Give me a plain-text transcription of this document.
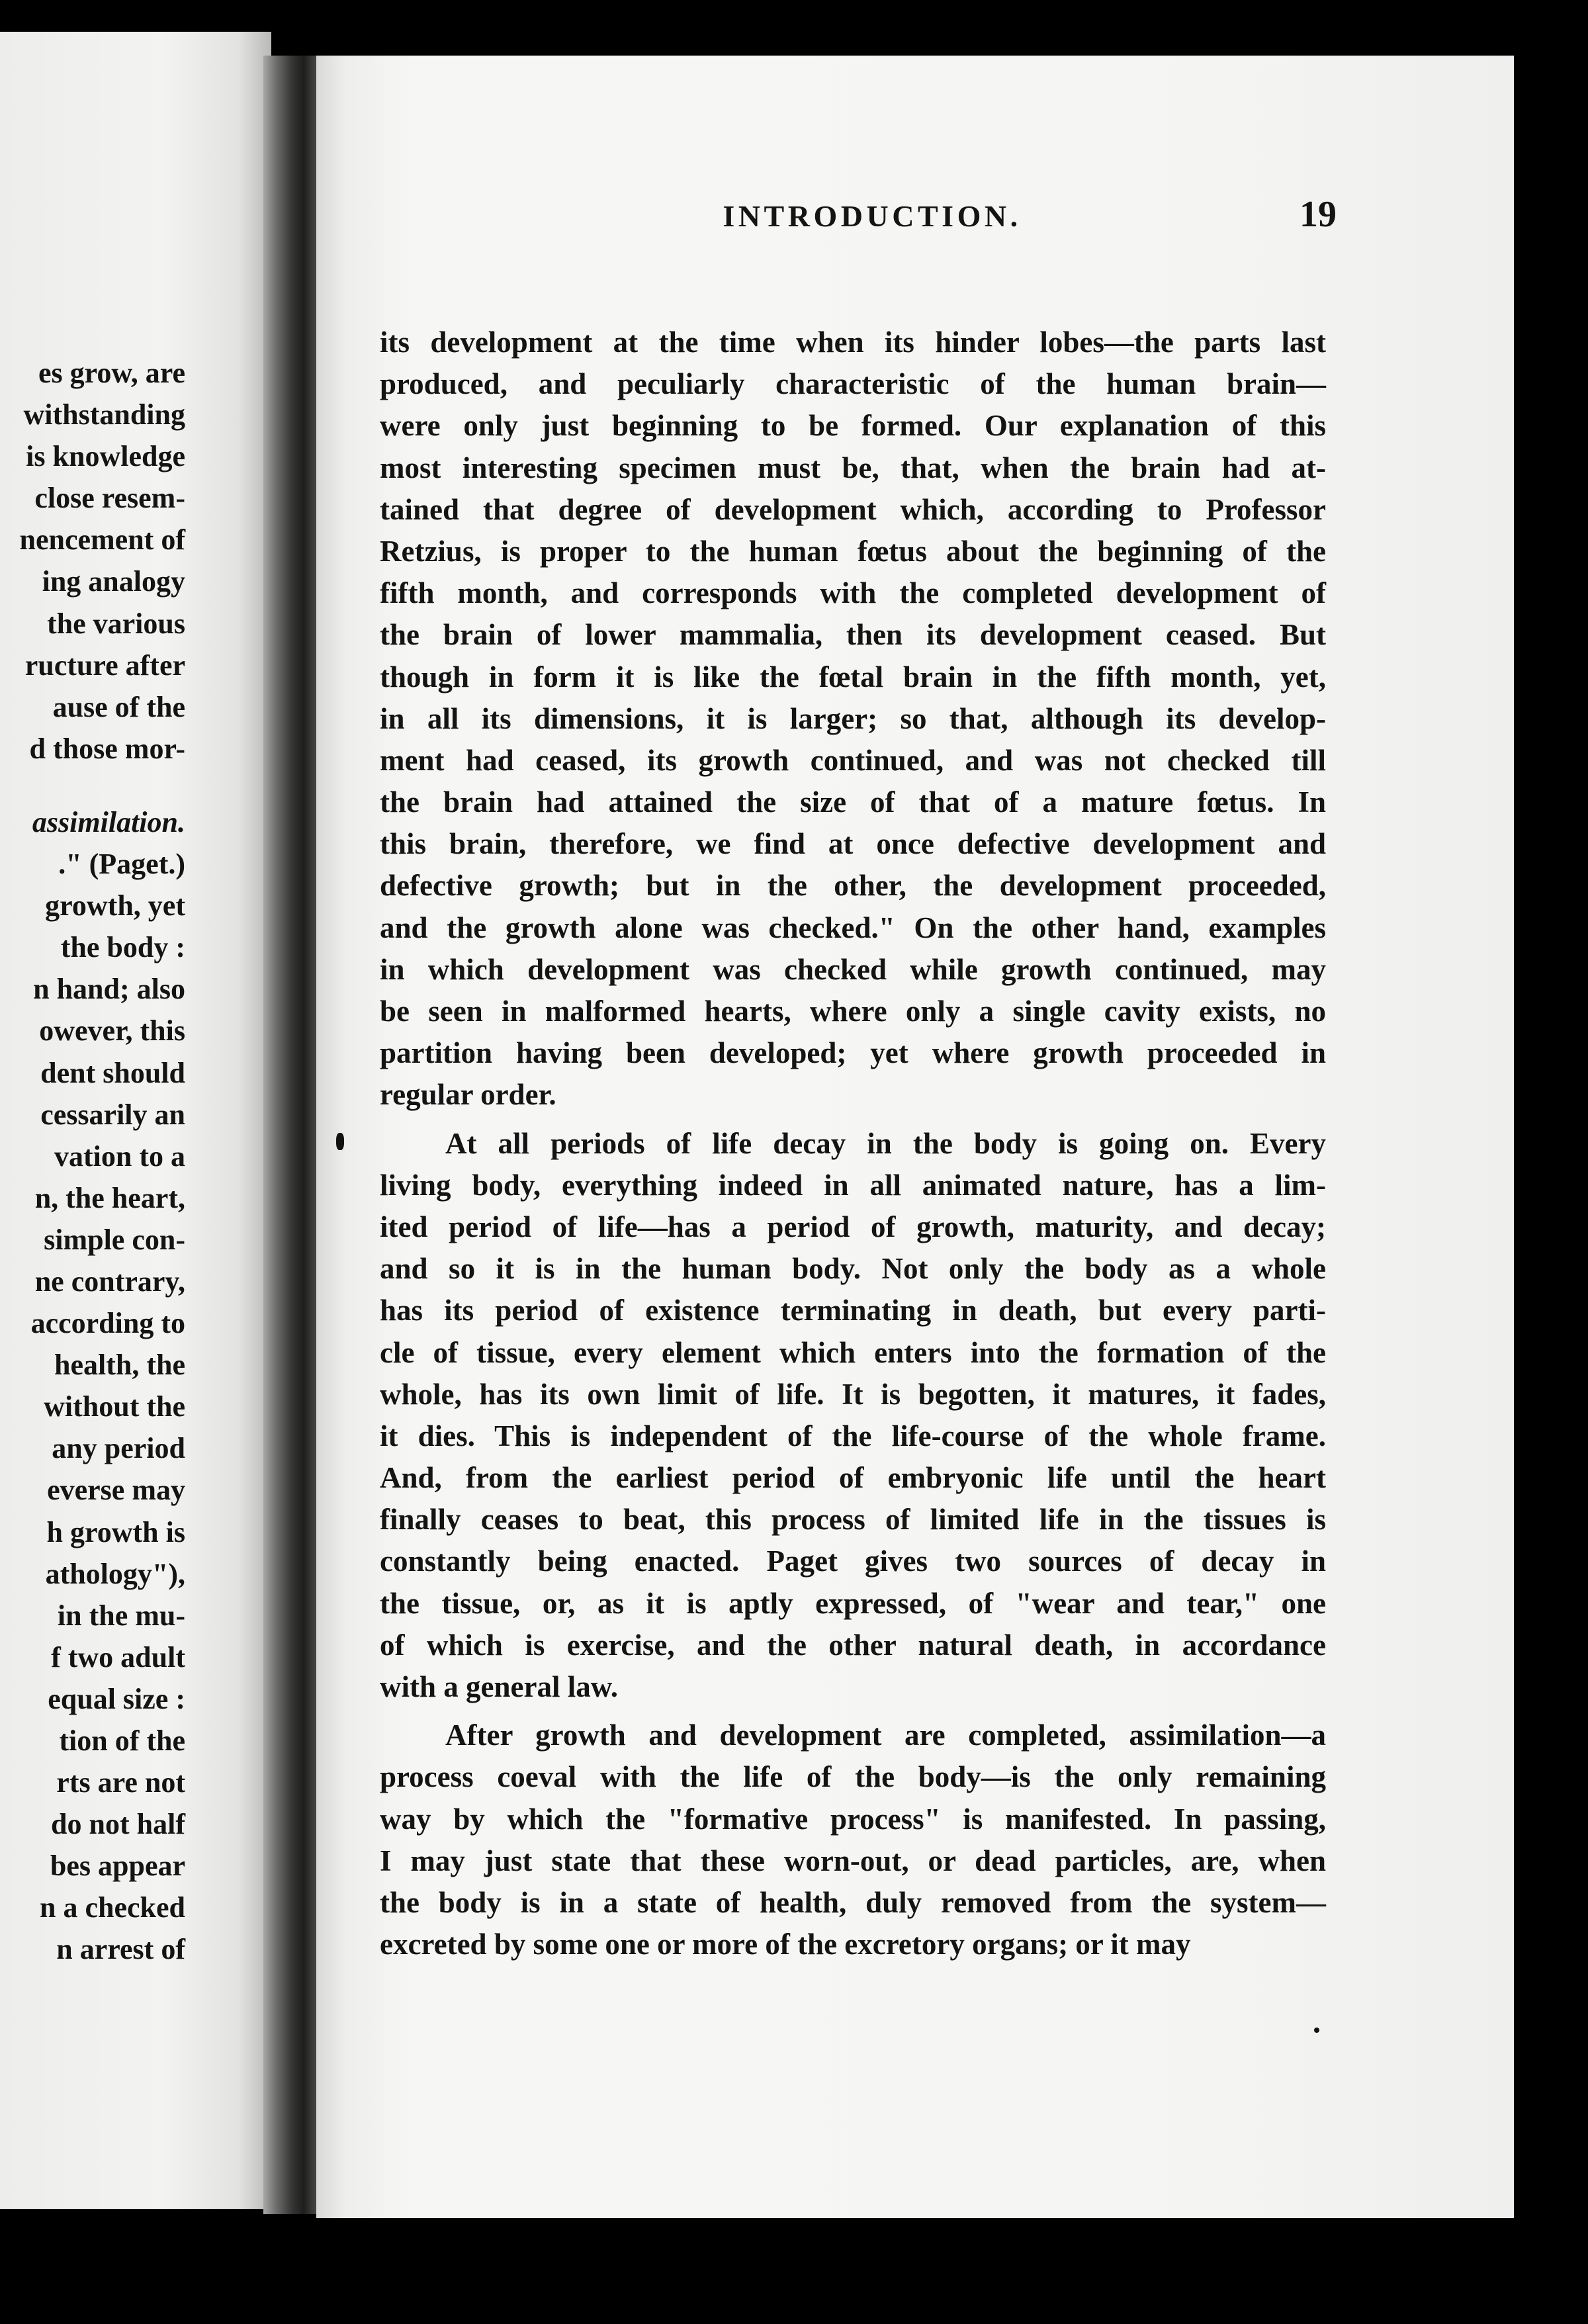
es grow, are
withstanding
is knowledge
close resem-
nencement of
ing analogy
the various
ructure after
ause of the
d those mor-
assimilation.
." (Paget.)
growth, yet
the body :
n hand; also
owever, this
dent should
cessarily an
vation to a
n, the heart,
simple con-
ne contrary,
according to
health, the
without the
any period
everse may
h growth is
athology"),
in the mu-
f two adult
equal size :
tion of the
rts are not
do not half
bes appear
n a checked
n arrest of
INTRODUCTION.	19
its development at the time when its hinder lobes—the parts last
produced, and peculiarly characteristic of the human brain—
were only just beginning to be formed. Our explanation of this
most interesting specimen must be, that, when the brain had at-
tained that degree of development which, according to Professor
Retzius, is proper to the human fœtus about the beginning of the
fifth month, and corresponds with the completed development of
the brain of lower mammalia, then its development ceased. But
though in form it is like the fœtal brain in the fifth month, yet,
in all its dimensions, it is larger; so that, although its develop-
ment had ceased, its growth continued, and was not checked till
the brain had attained the size of that of a mature fœtus. In
this brain, therefore, we find at once defective development and
defective growth; but in the other, the development proceeded,
and the growth alone was checked." On the other hand, examples
in which development was checked while growth continued, may
be seen in malformed hearts, where only a single cavity exists, no
partition having been developed; yet where growth proceeded in
regular order.
At all periods of life decay in the body is going on. Every
living body, everything indeed in all animated nature, has a lim-
ited period of life—has a period of growth, maturity, and decay;
and so it is in the human body. Not only the body as a whole
has its period of existence terminating in death, but every parti-
cle of tissue, every element which enters into the formation of the
whole, has its own limit of life. It is begotten, it matures, it fades,
it dies. This is independent of the life-course of the whole frame.
And, from the earliest period of embryonic life until the heart
finally ceases to beat, this process of limited life in the tissues is
constantly being enacted. Paget gives two sources of decay in
the tissue, or, as it is aptly expressed, of "wear and tear," one
of which is exercise, and the other natural death, in accordance
with a general law.
After growth and development are completed, assimilation—a
process coeval with the life of the body—is the only remaining
way by which the "formative process" is manifested. In passing,
I may just state that these worn-out, or dead particles, are, when
the body is in a state of health, duly removed from the system—
excreted by some one or more of the excretory organs; or it may
